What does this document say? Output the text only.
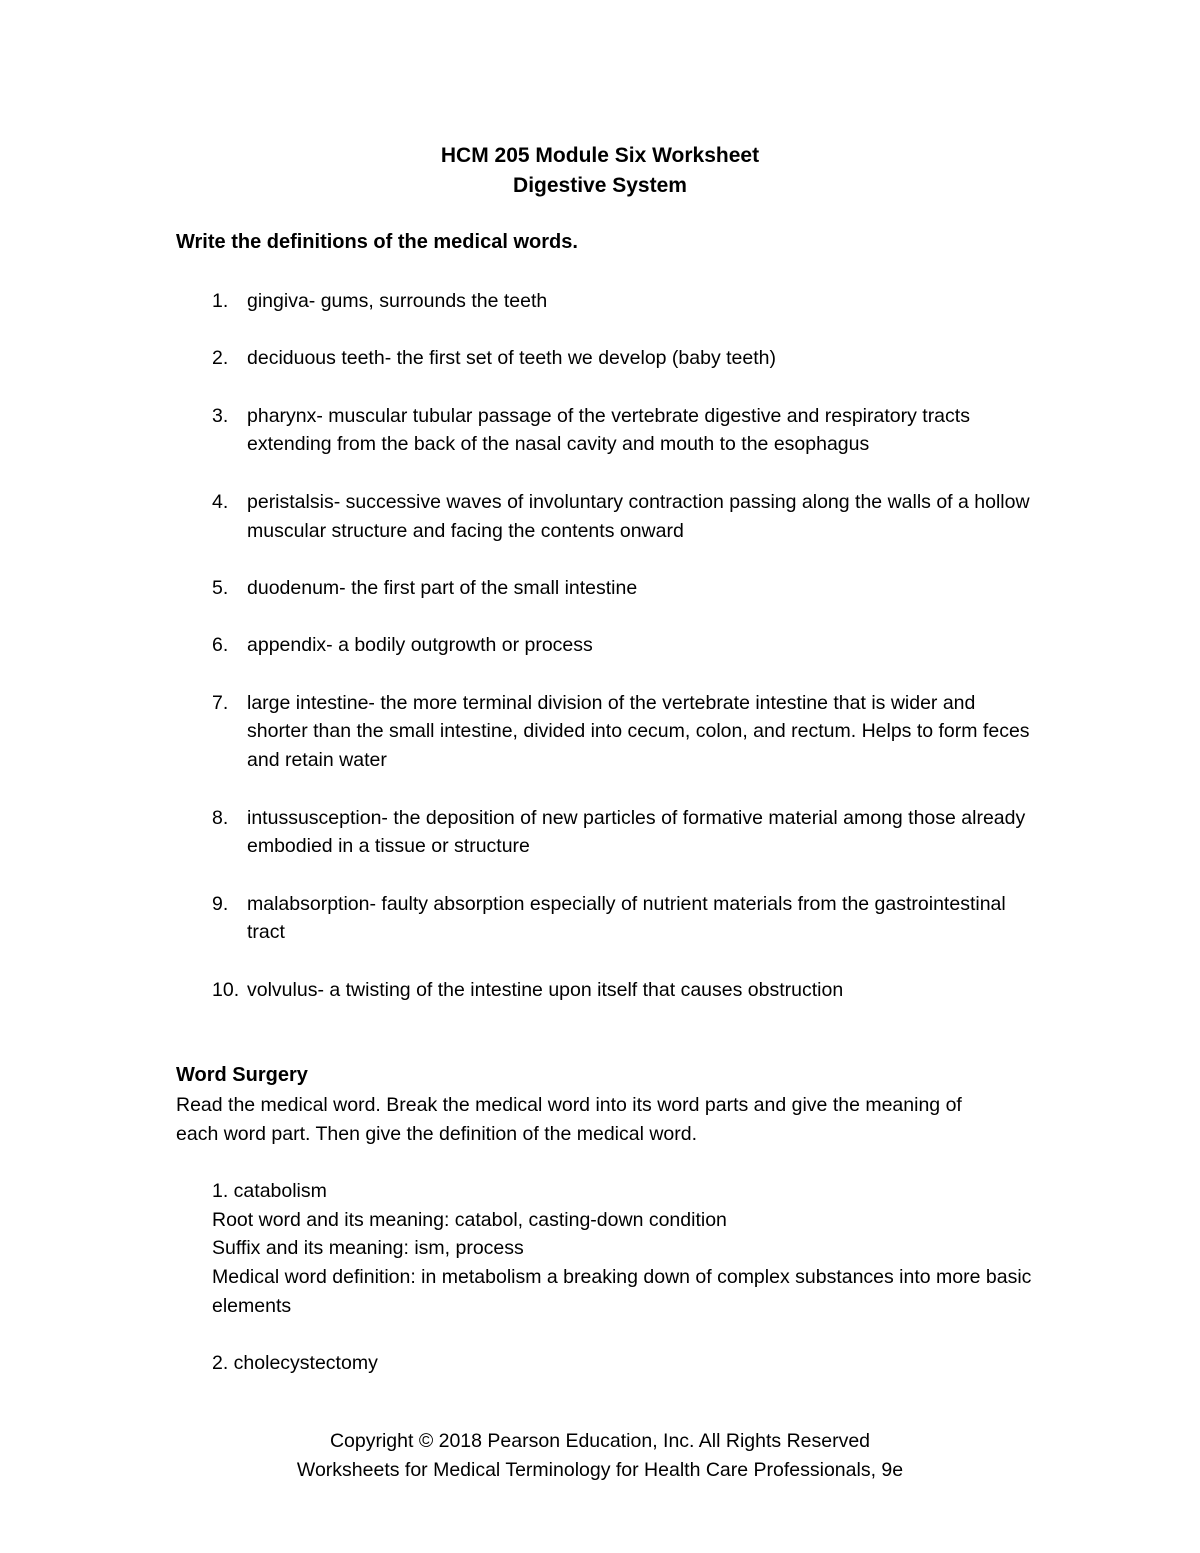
HCM 205 Module Six Worksheet
Digestive System
Write the definitions of the medical words.
1. gingiva- gums, surrounds the teeth
2. deciduous teeth- the first set of teeth we develop (baby teeth)
3. pharynx- muscular tubular passage of the vertebrate digestive and respiratory tracts extending from the back of the nasal cavity and mouth to the esophagus
4. peristalsis- successive waves of involuntary contraction passing along the walls of a hollow muscular structure and facing the contents onward
5. duodenum- the first part of the small intestine
6. appendix- a bodily outgrowth or process
7. large intestine- the more terminal division of the vertebrate intestine that is wider and shorter than the small intestine, divided into cecum, colon, and rectum. Helps to form feces and retain water
8. intussusception- the deposition of new particles of formative material among those already embodied in a tissue or structure
9. malabsorption- faulty absorption especially of nutrient materials from the gastrointestinal tract
10. volvulus- a twisting of the intestine upon itself that causes obstruction
Word Surgery
Read the medical word. Break the medical word into its word parts and give the meaning of each word part. Then give the definition of the medical word.
1. catabolism
Root word and its meaning: catabol, casting-down condition
Suffix and its meaning: ism, process
Medical word definition: in metabolism a breaking down of complex substances into more basic elements
2. cholecystectomy
Copyright © 2018 Pearson Education, Inc. All Rights Reserved
Worksheets for Medical Terminology for Health Care Professionals, 9e
